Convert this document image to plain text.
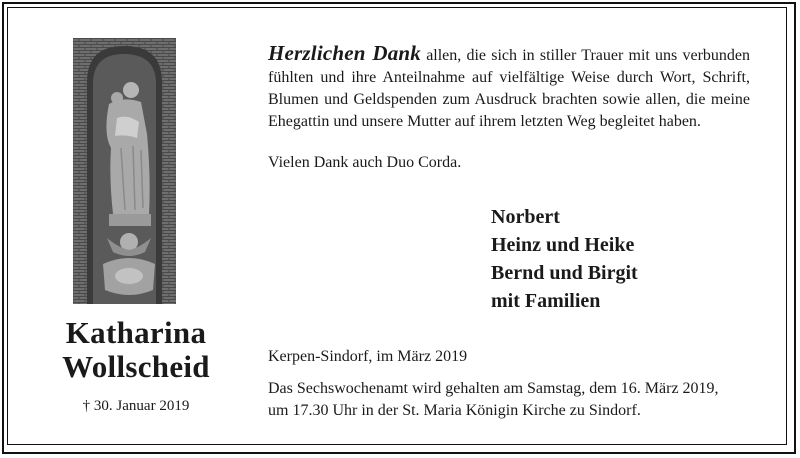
Katharina
Wollscheid
† 30. Januar 2019
Herzlichen Dank allen, die sich in stiller Trauer mit uns verbunden fühlten und ihre Anteilnahme auf vielfältige Weise durch Wort, Schrift, Blumen und Geldspenden zum Ausdruck brachten sowie allen, die meine Ehegattin und unsere Mutter auf ihrem letzten Weg begleitet haben.
Vielen Dank auch Duo Corda.
Norbert
Heinz und Heike
Bernd und Birgit
mit Familien
Kerpen-Sindorf, im März 2019
Das Sechswochenamt wird gehalten am Samstag, dem 16. März 2019,
um 17.30 Uhr in der St. Maria Königin Kirche zu Sindorf.
